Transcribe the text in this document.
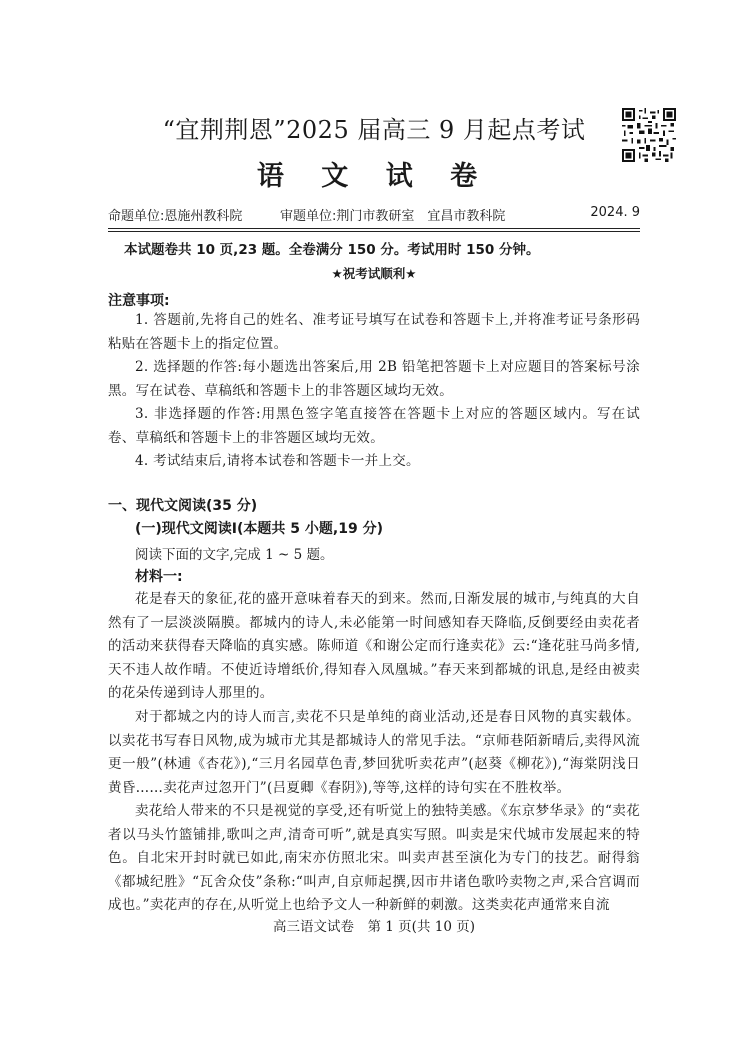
“宜荆荆恩”2025 届高三 9 月起点考试
语 文 试 卷
命题单位:恩施州教科院	审题单位:荆门市教研室　宜昌市教科院	2024. 9
本试题卷共 10 页,23 题。全卷满分 150 分。考试用时 150 分钟。
★祝考试顺利★
注意事项:
1. 答题前,先将自己的姓名、准考证号填写在试卷和答题卡上,并将准考证号条形码粘贴在答题卡上的指定位置。
2. 选择题的作答:每小题选出答案后,用 2B 铅笔把答题卡上对应题目的答案标号涂黑。写在试卷、草稿纸和答题卡上的非答题区域均无效。
3. 非选择题的作答:用黑色签字笔直接答在答题卡上对应的答题区域内。写在试卷、草稿纸和答题卡上的非答题区域均无效。
4. 考试结束后,请将本试卷和答题卡一并上交。
一、现代文阅读(35 分)
(一)现代文阅读Ⅰ(本题共 5 小题,19 分)
阅读下面的文字,完成 1 ~ 5 题。
材料一:
花是春天的象征,花的盛开意味着春天的到来。然而,日渐发展的城市,与纯真的大自然有了一层淡淡隔膜。都城内的诗人,未必能第一时间感知春天降临,反倒要经由卖花者的活动来获得春天降临的真实感。陈师道《和谢公定而行逢卖花》云:“逢花驻马尚多情,天不违人故作晴。不使近诗增纸价,得知春入凤凰城。”春天来到都城的讯息,是经由被卖的花朵传递到诗人那里的。
对于都城之内的诗人而言,卖花不只是单纯的商业活动,还是春日风物的真实载体。以卖花书写春日风物,成为城市尤其是都城诗人的常见手法。“京师巷陌新晴后,卖得风流更一般”(林逋《杏花》),“三月名园草色青,梦回犹听卖花声”(赵葵《柳花》),“海棠阴浅日黄昏……卖花声过忽开门”(吕夏卿《春阴》),等等,这样的诗句实在不胜枚举。
卖花给人带来的不只是视觉的享受,还有听觉上的独特美感。《东京梦华录》的“卖花者以马头竹篮铺排,歌叫之声,清奇可听”,就是真实写照。叫卖是宋代城市发展起来的特色。自北宋开封时就已如此,南宋亦仿照北宋。叫卖声甚至演化为专门的技艺。耐得翁《都城纪胜》“瓦舍众伎”条称:“叫声,自京师起撰,因市井诸色歌吟卖物之声,采合宫调而成也。”卖花声的存在,从听觉上也给予文人一种新鲜的刺激。这类卖花声通常来自流
高三语文试卷　第 1 页(共 10 页)
